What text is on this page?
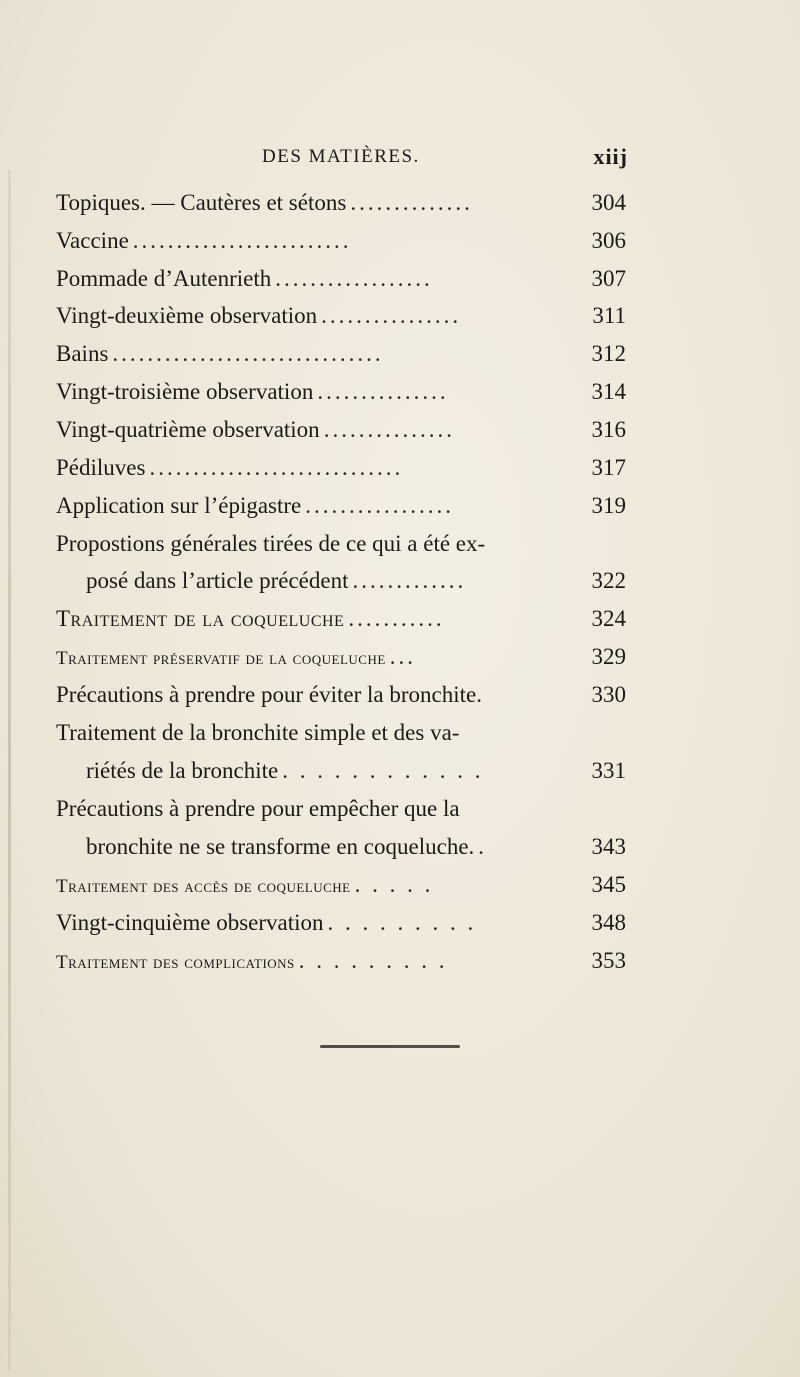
DES MATIÈRES.	xiij
Topiques. — Cautères et sétons ..............	304
Vaccine .........................	306
Pommade d’Autenrieth ..................	307
Vingt-deuxième observation ................	311
Bains ...............................	312
Vingt-troisième observation ...............	314
Vingt-quatrième observation ...............	316
Pédiluves .............................	317
Application sur l’épigastre .................	319
Propostions générales tirées de ce qui a été ex-
posé dans l’article précédent .............	322
Traitement de la coqueluche ...........	324
Traitement préservatif de la coqueluche ...	329
Précautions à prendre pour éviter la bronchite.	330
Traitement de la bronchite simple et des va-
riétés de la bronchite . . . . . . . . . . . .	331
Précautions à prendre pour empêcher que la
bronchite ne se transforme en coqueluche. .	343
Traitement des accès de coqueluche . . . . .	345
Vingt-cinquième observation . . . . . . . . .	348
Traitement des complications . . . . . . . . .	353
